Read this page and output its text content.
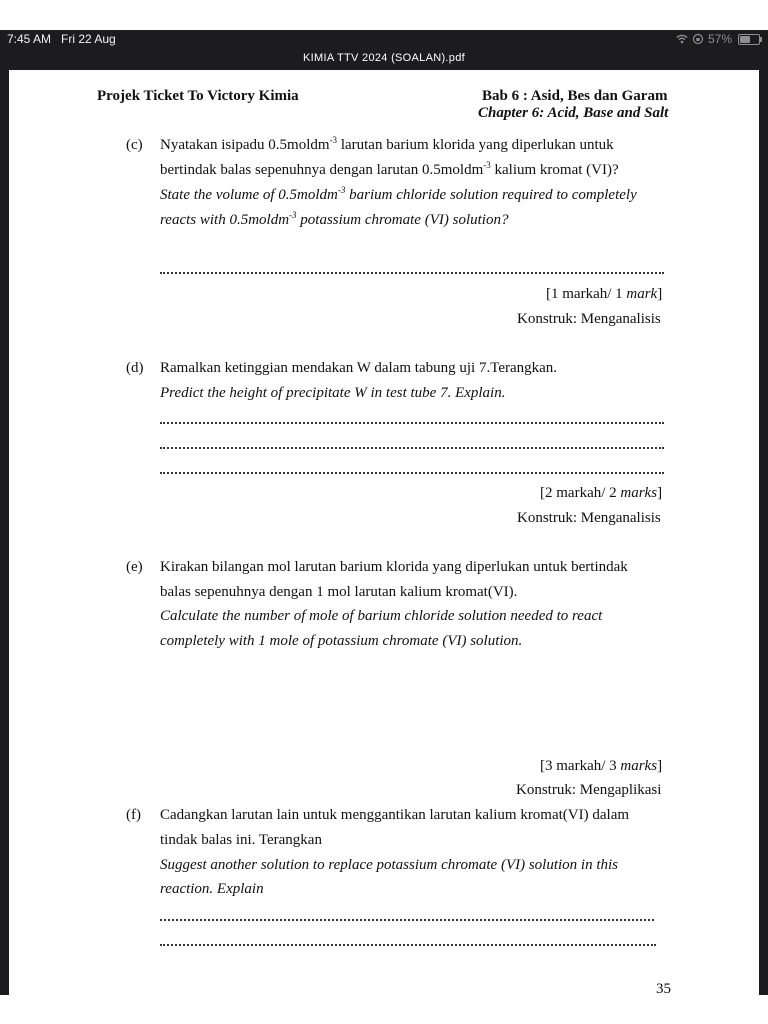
7:45 AM Fri 22 Aug	57%
KIMIA TTV 2024 (SOALAN).pdf
Projek Ticket To Victory Kimia	Bab 6 : Asid, Bes dan Garam
Chapter 6: Acid, Base and Salt
(c) Nyatakan isipadu 0.5moldm$^{-3}$ larutan barium klorida yang diperlukan untuk
bertindak balas sepenuhnya dengan larutan 0.5moldm$^{-3}$ kalium kromat (VI)?
State the volume of 0.5moldm$^{-3}$ barium chloride solution required to completely
reacts with 0.5moldm$^{-3}$ potassium chromate (VI) solution?
[1 markah/ 1 mark]
Konstruk: Menganalisis
(d) Ramalkan ketinggian mendakan W dalam tabung uji 7.Terangkan.
Predict the height of precipitate W in test tube 7. Explain.
[2 markah/ 2 marks]
Konstruk: Menganalisis
(e) Kirakan bilangan mol larutan barium klorida yang diperlukan untuk bertindak
balas sepenuhnya dengan 1 mol larutan kalium kromat(VI).
Calculate the number of mole of barium chloride solution needed to react
completely with 1 mole of potassium chromate (VI) solution.
[3 markah/ 3 marks]
Konstruk: Mengaplikasi
(f) Cadangkan larutan lain untuk menggantikan larutan kalium kromat(VI) dalam
tindak balas ini. Terangkan
Suggest another solution to replace potassium chromate (VI) solution in this
reaction. Explain
35
